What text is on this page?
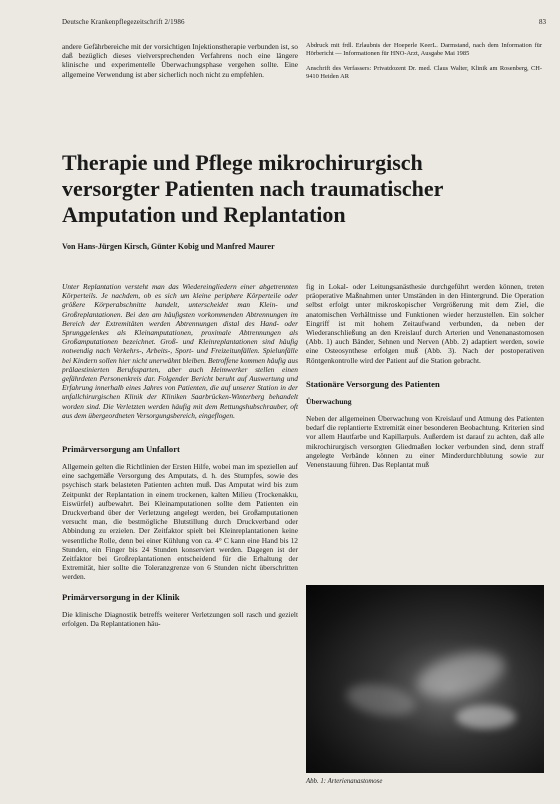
Deutsche Krankenpflegezeitschrift 2/1986	83

andere Gefährbereiche mit der vorsichtigen Injektionstherapie verbunden ist, so daß bezüglich dieses vielversprechenden Verfahrens noch eine längere klinische und experimentelle Überwachungsphase vergehen sollte. Eine allgemeine Verwendung ist aber sicherlich noch nicht zu empfehlen.

Abdruck mit frdl. Erlaubnis der Hoeperle KeerL. Darmstand, nach dem Information für Hörbericht — Informationen für HNO-Arzt, Ausgabe Mai 1985

Anschrift des Verfassers: Privatdozent Dr. med. Claus Walter, Klinik am Rosenberg, CH-9410 Heiden AR

Therapie und Pflege mikrochirurgisch versorgter Patienten nach traumatischer Amputation und Replantation
Von Hans-Jürgen Kirsch, Günter Kobig und Manfred Maurer

Unter Replantation versteht man das Wiedereingliedern einer abgetrennten Körperteils. Je nachdem, ob es sich um kleine periphere Körperteile oder größere Körperabschnitte handelt, unterscheidet man Klein- und Großreplantationen. Bei den am häufigsten vorkommenden Abtrennungen im Bereich der Extremitäten werden Abtrennungen distal des Hand- oder Sprunggelenkes als Kleinamputationen, proximale Abtrennungen als Großamputationen bezeichnet. Groß- und Kleinreplantationen sind häufig notwendig nach Verkehrs-, Arbeits-, Sport- und Freizeitunfällen. Spielunfälle bei Kindern sollen hier nicht unerwähnt bleiben. Betroffene kommen häufig aus prälaestinierten Berufssparten, aber auch Heimwerker stellen einen gefährdeten Personenkreis dar. Folgender Bericht beruht auf Auswertung und Erfahrung innerhalb eines Jahres von Patienten, die auf unserer Station in der unfallchirurgischen Klinik der Kliniken Saarbrücken-Winterberg behandelt worden sind. Die Verletzten werden häufig mit dem Rettungshubschrauber, oft aus dem übergeordneten Versorgungsbereich, eingeflogen.

Primärversorgung am Unfallort

Allgemein gelten die Richtlinien der Ersten Hilfe, wobei man im speziellen auf eine sachgemäße Versorgung des Amputats, d. h. des Stumpfes, sowie des psychisch stark belasteten Patienten achten muß. Das Amputat wird bis zum Zeitpunkt der Replantation in einem trockenen, kalten Milieu (Trockenakku, Eiswürfel) aufbewahrt. Bei Kleinamputationen sollte dem Patienten ein Druckverband über der Verletzung angelegt werden, bei Großamputationen versucht man, die bestmögliche Blutstillung durch Druckverband oder Abbindung zu erzielen. Der Zeitfaktor spielt bei Kleinreplantationen keine wesentliche Rolle, denn bei einer Kühlung von ca. 4° C kann eine Hand bis 12 Stunden, ein Finger bis 24 Stunden konserviert werden. Dagegen ist der Zeitfaktor bei Großreplantationen entscheidend für die Erhaltung der Extremität, hier sollte die Toleranzgrenze von 6 Stunden nicht überschritten werden.

Primärversorgung in der Klinik

Die klinische Diagnostik betreffs weiterer Verletzungen soll rasch und gezielt erfolgen. Da Replantationen häu-

fig in Lokal- oder Leitungsanästhesie durchgeführt werden können, treten präoperative Maßnahmen unter Umständen in den Hintergrund. Die Operation selbst erfolgt unter mikroskopischer Vergrößerung mit dem Ziel, die anatomischen Verhältnisse und Funktionen wieder herzustellen. Ein solcher Eingriff ist mit hohem Zeitaufwand verbunden, da neben der Wiederanschließung an den Kreislauf durch Arterien und Venenanastomosen (Abb. 1) auch Bänder, Sehnen und Nerven (Abb. 2) adaptiert werden, sowie eine Osteosynthese erfolgen muß (Abb. 3). Nach der postoperativen Röntgenkontrolle wird der Patient auf die Station gebracht.

Stationäre Versorgung des Patienten
Überwachung

Neben der allgemeinen Überwachung von Kreislauf und Atmung des Patienten bedarf die replantierte Extremität einer besonderen Beobachtung. Kriterien sind vor allem Hautfarbe und Kapillarpuls. Außerdem ist darauf zu achten, daß alle mikrochirurgisch versorgten Gliedmaßen locker verbunden sind, denn straff angelegte Verbände können zu einer Minderdurchblutung sowie zur Venenstauung führen. Das Replantat muß

Abb. 1: Arterienanastomose
